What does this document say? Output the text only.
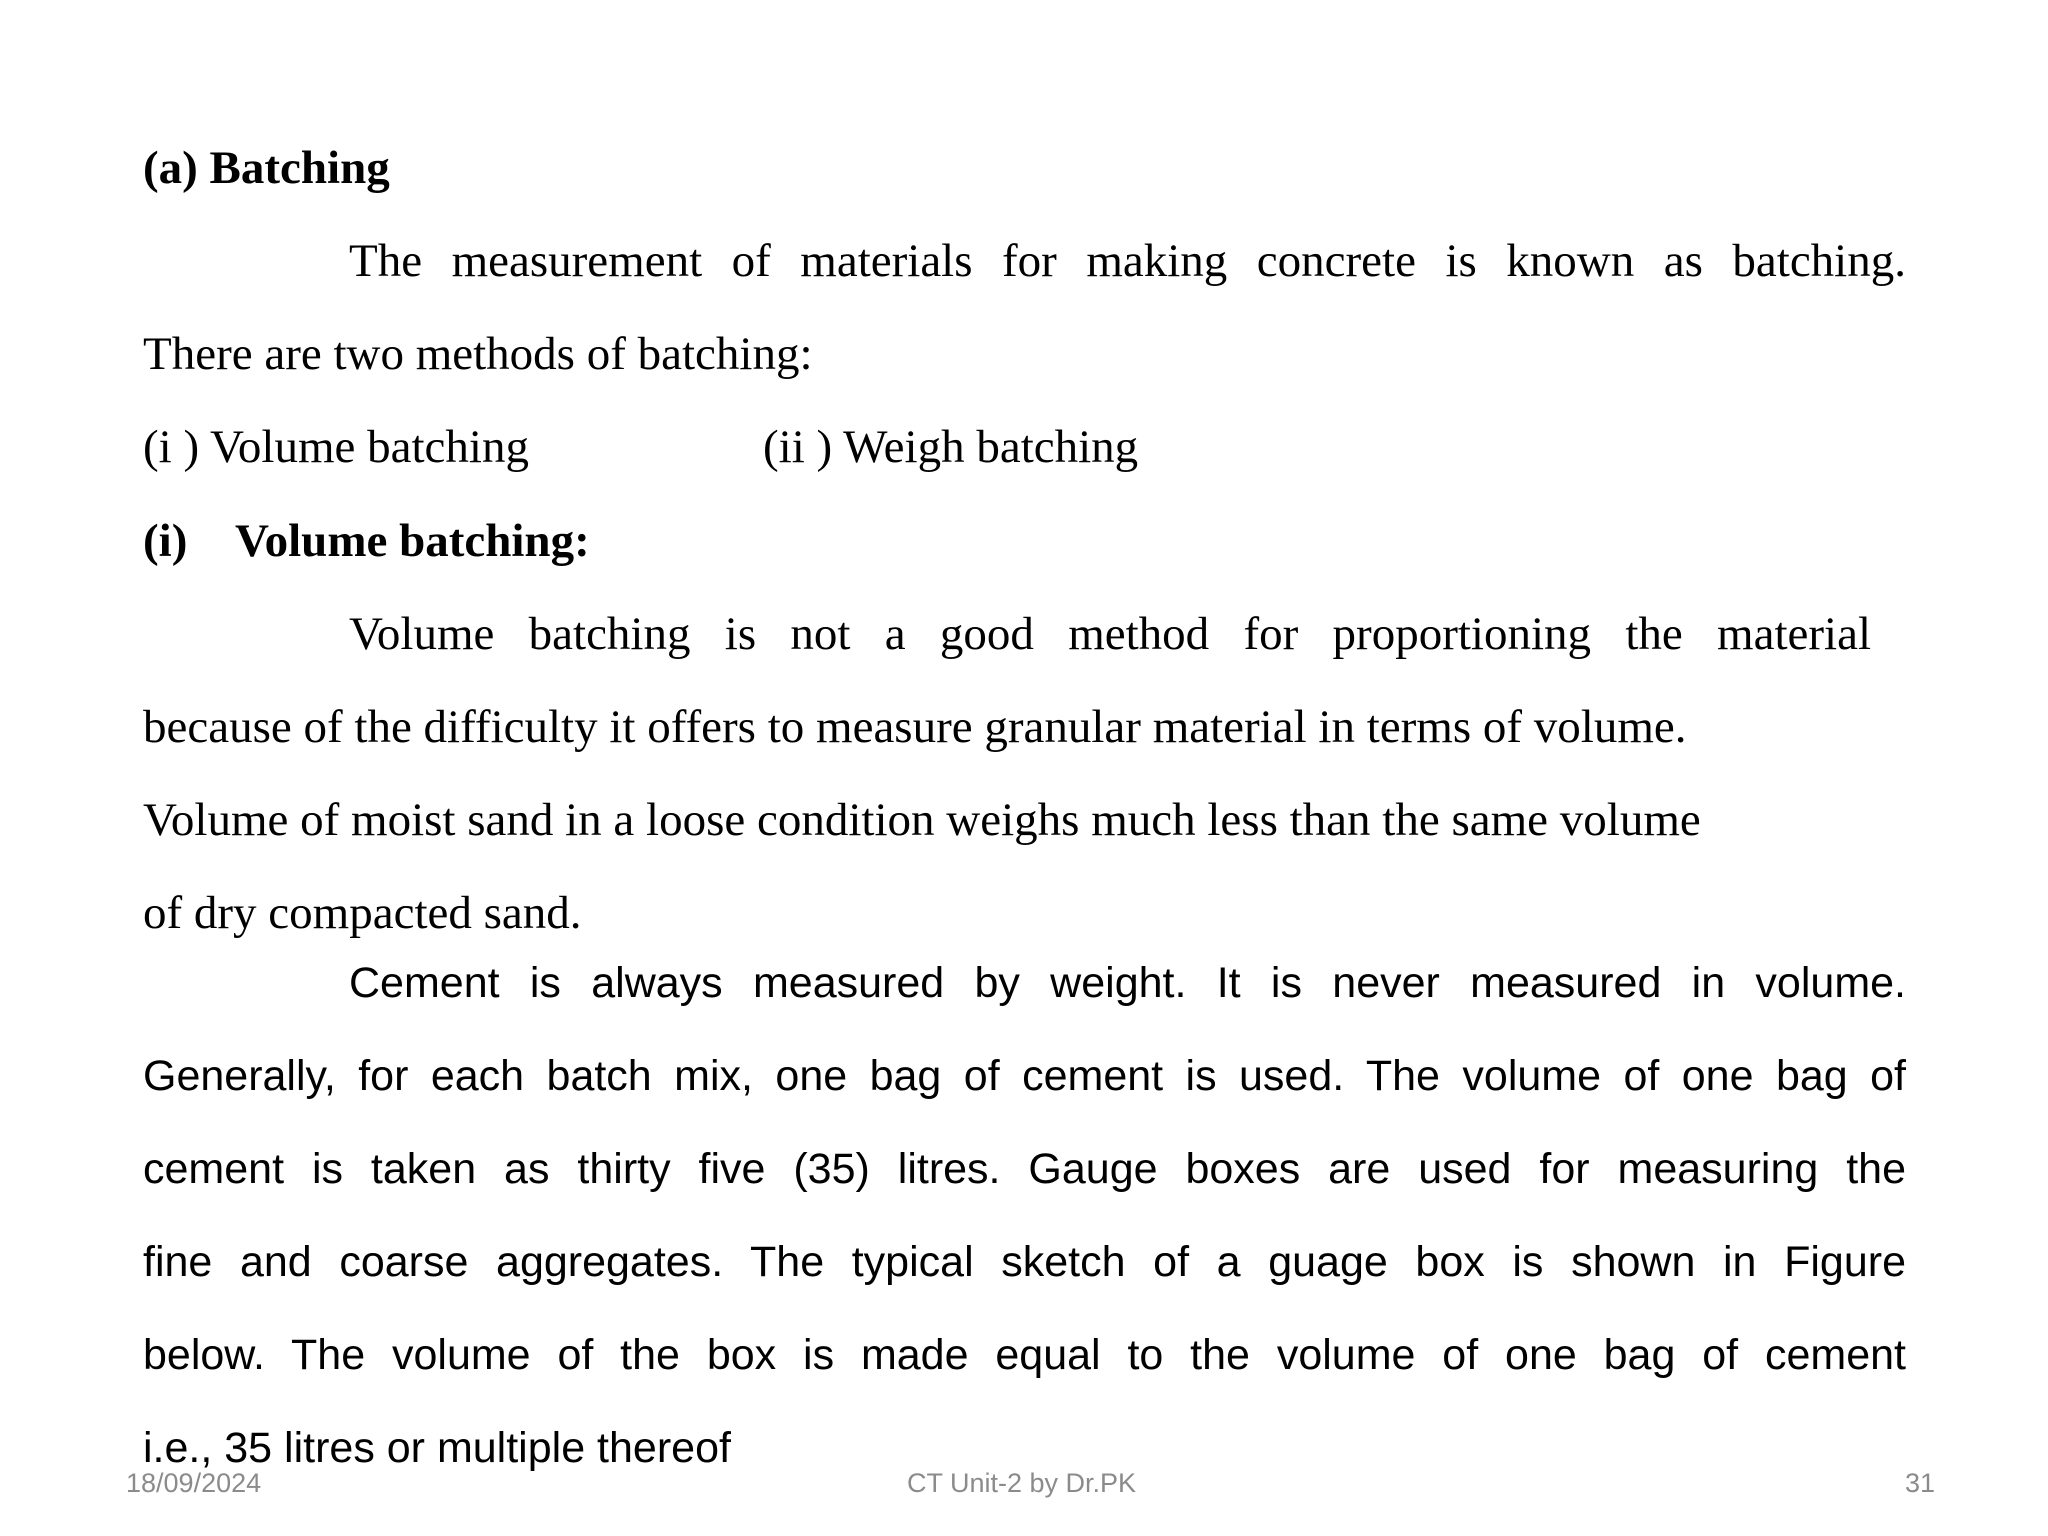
(a) Batching
The measurement of materials for making concrete is known as batching.
There are two methods of batching:
(i ) Volume batching	(ii ) Weigh batching
(i) Volume batching:
Volume batching is not a good method for proportioning the material
because of the difficulty it offers to measure granular material in terms of volume.
Volume of moist sand in a loose condition weighs much less than the same volume
of dry compacted sand.
Cement is always measured by weight. It is never measured in volume.
Generally, for each batch mix, one bag of cement is used. The volume of one bag of
cement is taken as thirty five (35) litres. Gauge boxes are used for measuring the
fine and coarse aggregates. The typical sketch of a guage box is shown in Figure
below. The volume of the box is made equal to the volume of one bag of cement
i.e., 35 litres or multiple thereof
18/09/2024	CT Unit-2 by Dr.PK	31
